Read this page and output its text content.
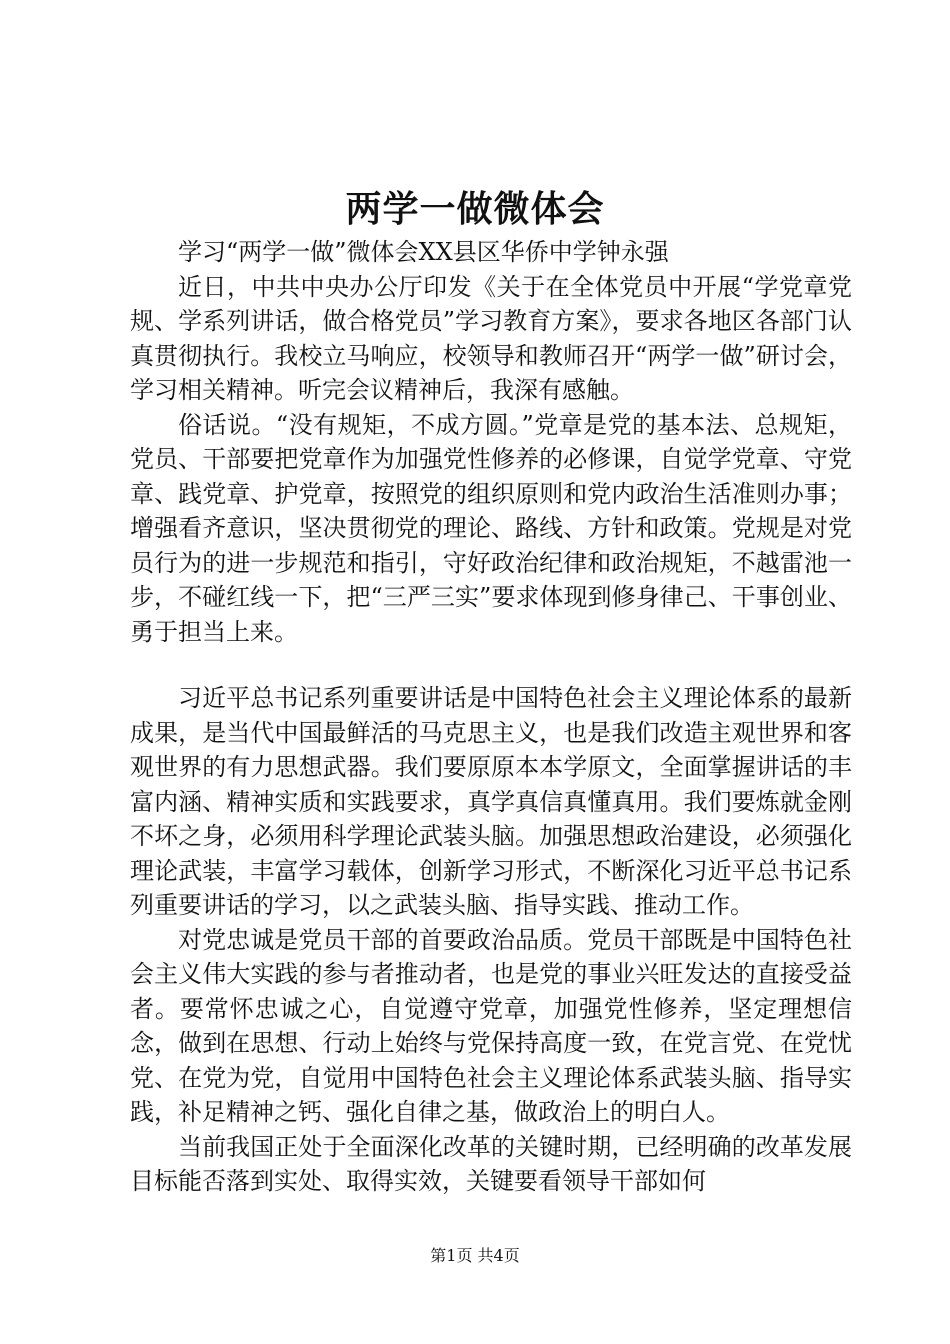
两学一做微体会

学习“两学一做”微体会XX县区华侨中学钟永强

近日，中共中央办公厅印发《关于在全体党员中开展“学党章党规、学系列讲话，做合格党员”学习教育方案》，要求各地区各部门认真贯彻执行。我校立马响应，校领导和教师召开“两学一做”研讨会，学习相关精神。听完会议精神后，我深有感触。

俗话说。“没有规矩，不成方圆。”党章是党的基本法、总规矩，党员、干部要把党章作为加强党性修养的必修课，自觉学党章、守党章、践党章、护党章，按照党的组织原则和党内政治生活准则办事；增强看齐意识，坚决贯彻党的理论、路线、方针和政策。党规是对党员行为的进一步规范和指引，守好政治纪律和政治规矩，不越雷池一步，不碰红线一下，把“三严三实”要求体现到修身律己、干事创业、勇于担当上来。

习近平总书记系列重要讲话是中国特色社会主义理论体系的最新成果，是当代中国最鲜活的马克思主义，也是我们改造主观世界和客观世界的有力思想武器。我们要原原本本学原文，全面掌握讲话的丰富内涵、精神实质和实践要求，真学真信真懂真用。我们要炼就金刚不坏之身，必须用科学理论武装头脑。加强思想政治建设，必须强化理论武装，丰富学习载体，创新学习形式，不断深化习近平总书记系列重要讲话的学习，以之武装头脑、指导实践、推动工作。

对党忠诚是党员干部的首要政治品质。党员干部既是中国特色社会主义伟大实践的参与者推动者，也是党的事业兴旺发达的直接受益者。要常怀忠诚之心，自觉遵守党章，加强党性修养，坚定理想信念，做到在思想、行动上始终与党保持高度一致，在党言党、在党忧党、在党为党，自觉用中国特色社会主义理论体系武装头脑、指导实践，补足精神之钙、强化自律之基，做政治上的明白人。

当前我国正处于全面深化改革的关键时期，已经明确的改革发展目标能否落到实处、取得实效，关键要看领导干部如何

第1页 共4页
